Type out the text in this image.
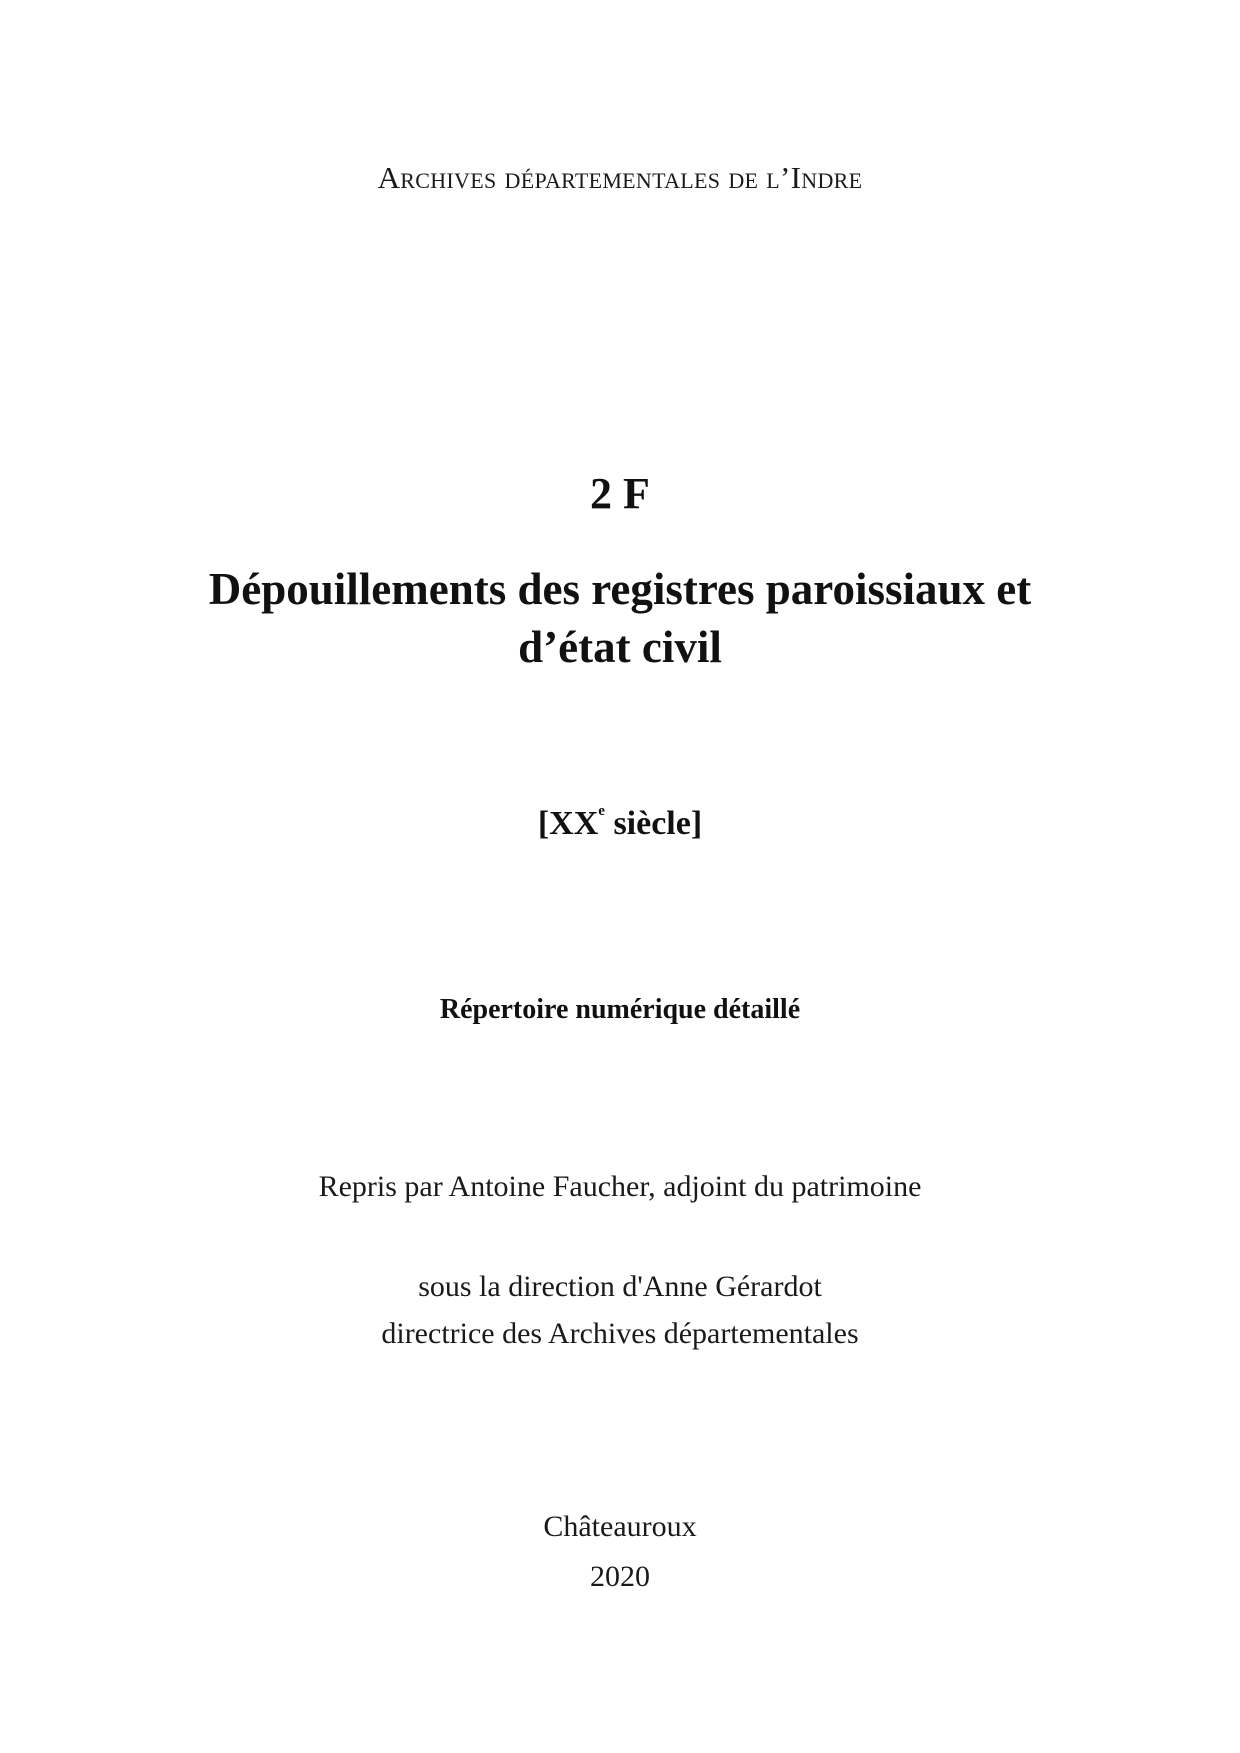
Archives départementales de l’Indre
2 F
Dépouillements des registres paroissiaux et
d’état civil
[XXe siècle]
Répertoire numérique détaillé
Repris par Antoine Faucher, adjoint du patrimoine
sous la direction d'Anne Gérardot
directrice des Archives départementales
Châteauroux
2020
